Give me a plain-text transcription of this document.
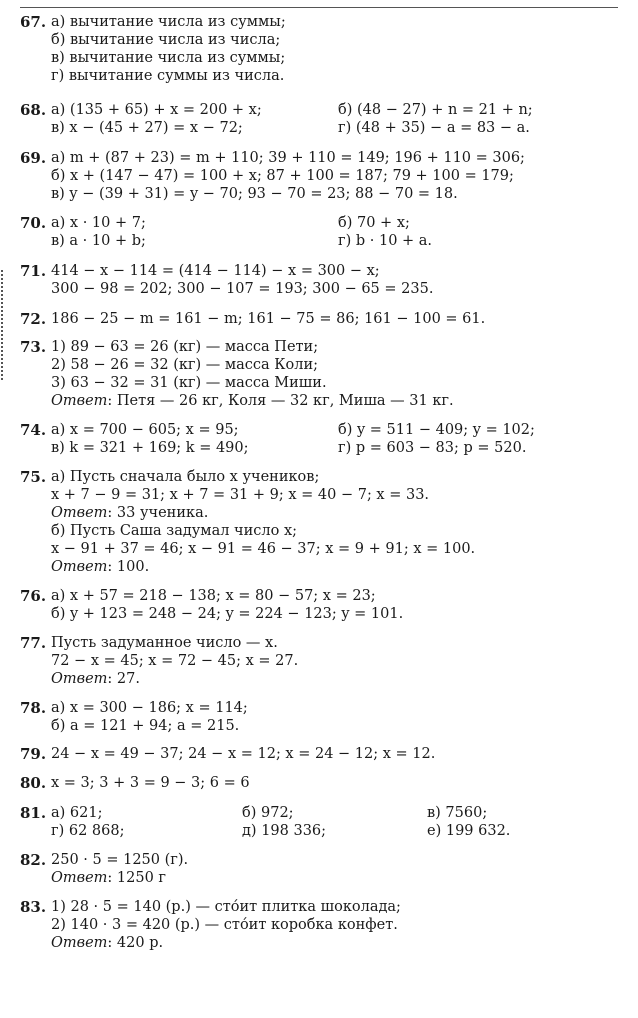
67. а) вычитание числа из суммы;
б) вычитание числа из числа;
в) вычитание числа из суммы;
г) вычитание суммы из числа.
68. а) (135 + 65) + x = 200 + x;	б) (48 − 27) + n = 21 + n;
в) x − (45 + 27) = x − 72;	г) (48 + 35) − a = 83 − a.
69. а) m + (87 + 23) = m + 110; 39 + 110 = 149; 196 + 110 = 306;
б) x + (147 − 47) = 100 + x; 87 + 100 = 187; 79 + 100 = 179;
в) y − (39 + 31) = y − 70; 93 − 70 = 23; 88 − 70 = 18.
70. а) x · 10 + 7;	б) 70 + x;
в) a · 10 + b;	г) b · 10 + a.
71. 414 − x − 114 = (414 − 114) − x = 300 − x;
300 − 98 = 202; 300 − 107 = 193; 300 − 65 = 235.
72. 186 − 25 − m = 161 − m; 161 − 75 = 86; 161 − 100 = 61.
73. 1) 89 − 63 = 26 (кг) — масса Пети;
2) 58 − 26 = 32 (кг) — масса Коли;
3) 63 − 32 = 31 (кг) — масса Миши.
Ответ: Петя — 26 кг, Коля — 32 кг, Миша — 31 кг.
74. а) x = 700 − 605; x = 95;	б) y = 511 − 409; y = 102;
в) k = 321 + 169; k = 490;	г) p = 603 − 83; p = 520.
75. а) Пусть сначала было x учеников;
x + 7 − 9 = 31; x + 7 = 31 + 9; x = 40 − 7; x = 33.
Ответ: 33 ученика.
б) Пусть Саша задумал число x;
x − 91 + 37 = 46; x − 91 = 46 − 37; x = 9 + 91; x = 100.
Ответ: 100.
76. а) x + 57 = 218 − 138; x = 80 − 57; x = 23;
б) y + 123 = 248 − 24; y = 224 − 123; y = 101.
77. Пусть задуманное число — x.
72 − x = 45; x = 72 − 45; x = 27.
Ответ: 27.
78. а) x = 300 − 186; x = 114;
б) a = 121 + 94; a = 215.
79. 24 − x = 49 − 37; 24 − x = 12; x = 24 − 12; x = 12.
80. x = 3; 3 + 3 = 9 − 3; 6 = 6
81. а) 621;	б) 972;	в) 7560;
г) 62 868;	д) 198 336;	е) 199 632.
82. 250 · 5 = 1250 (г).
Ответ: 1250 г
83. 1) 28 · 5 = 140 (р.) — сто́ит плитка шоколада;
2) 140 · 3 = 420 (р.) — сто́ит коробка конфет.
Ответ: 420 р.
